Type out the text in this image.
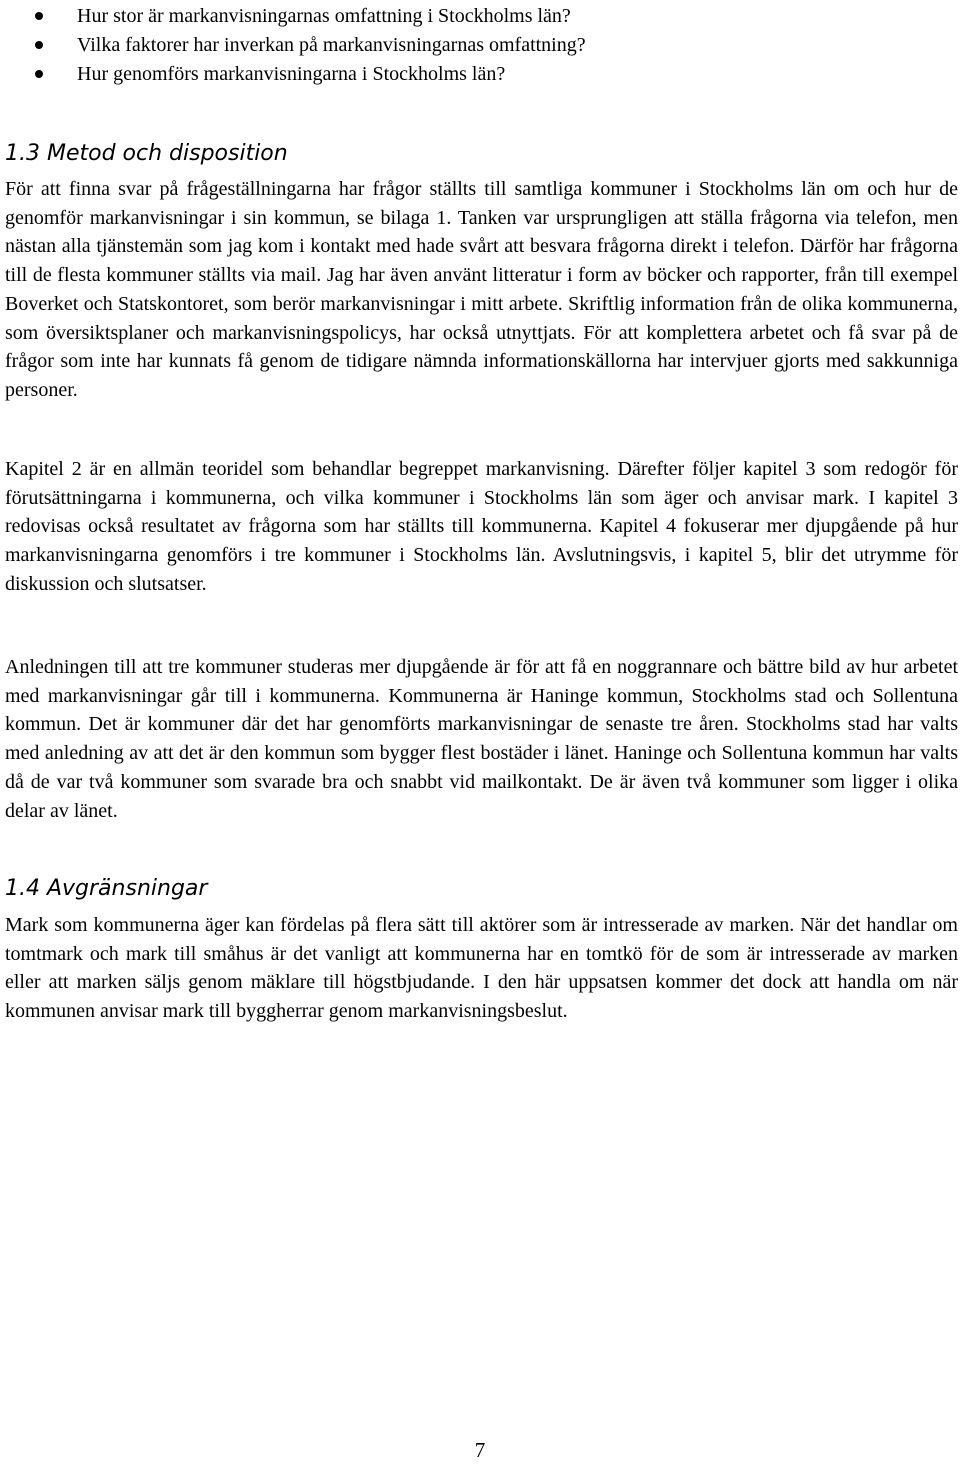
Hur stor är markanvisningarnas omfattning i Stockholms län?
Vilka faktorer har inverkan på markanvisningarnas omfattning?
Hur genomförs markanvisningarna i Stockholms län?
1.3 Metod och disposition

För att finna svar på frågeställningarna har frågor ställts till samtliga kommuner i Stockholms län om och hur de genomför markanvisningar i sin kommun, se bilaga 1. Tanken var ursprungligen att ställa frågorna via telefon, men nästan alla tjänstemän som jag kom i kontakt med hade svårt att besvara frågorna direkt i telefon. Därför har frågorna till de flesta kommuner ställts via mail. Jag har även använt litteratur i form av böcker och rapporter, från till exempel Boverket och Statskontoret, som berör markanvisningar i mitt arbete. Skriftlig information från de olika kommunerna, som översiktsplaner och markanvisningspolicys, har också utnyttjats. För att komplettera arbetet och få svar på de frågor som inte har kunnats få genom de tidigare nämnda informationskällorna har intervjuer gjorts med sakkunniga personer.

Kapitel 2 är en allmän teoridel som behandlar begreppet markanvisning. Därefter följer kapitel 3 som redogör för förutsättningarna i kommunerna, och vilka kommuner i Stockholms län som äger och anvisar mark. I kapitel 3 redovisas också resultatet av frågorna som har ställts till kommunerna. Kapitel 4 fokuserar mer djupgående på hur markanvisningarna genomförs i tre kommuner i Stockholms län. Avslutningsvis, i kapitel 5, blir det utrymme för diskussion och slutsatser.

Anledningen till att tre kommuner studeras mer djupgående är för att få en noggrannare och bättre bild av hur arbetet med markanvisningar går till i kommunerna. Kommunerna är Haninge kommun, Stockholms stad och Sollentuna kommun. Det är kommuner där det har genomförts markanvisningar de senaste tre åren. Stockholms stad har valts med anledning av att det är den kommun som bygger flest bostäder i länet. Haninge och Sollentuna kommun har valts då de var två kommuner som svarade bra och snabbt vid mailkontakt. De är även två kommuner som ligger i olika delar av länet.

1.4 Avgränsningar

Mark som kommunerna äger kan fördelas på flera sätt till aktörer som är intresserade av marken. När det handlar om tomtmark och mark till småhus är det vanligt att kommunerna har en tomtkö för de som är intresserade av marken eller att marken säljs genom mäklare till högstbjudande. I den här uppsatsen kommer det dock att handla om när kommunen anvisar mark till byggherrar genom markanvisningsbeslut.

7
